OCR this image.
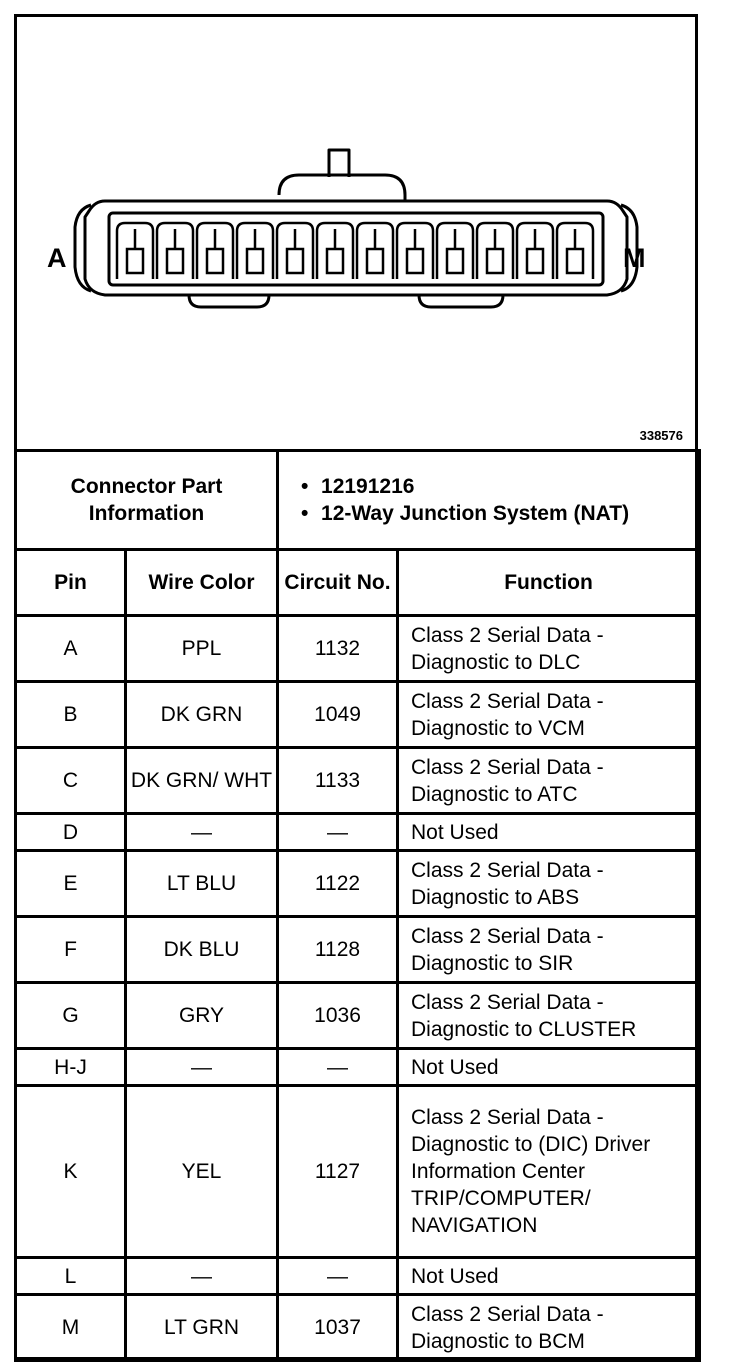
A	M
338576
Connector Part Information		• 12191216
• 12-Way Junction System (NAT)	

Pin	Wire Color	Circuit No.	Function
A	PPL	1132	Class 2 Serial Data - Diagnostic to DLC
B	DK GRN	1049	Class 2 Serial Data - Diagnostic to VCM
C	DK GRN/ WHT	1133	Class 2 Serial Data - Diagnostic to ATC
D	—	—	Not Used
E	LT BLU	1122	Class 2 Serial Data - Diagnostic to ABS
F	DK BLU	1128	Class 2 Serial Data - Diagnostic to SIR
G	GRY	1036	Class 2 Serial Data - Diagnostic to CLUSTER
H-J	—	—	Not Used
K	YEL	1127	Class 2 Serial Data - Diagnostic to (DIC) Driver Information Center TRIP/COMPUTER/ NAVIGATION
L	—	—	Not Used
M	LT GRN	1037	Class 2 Serial Data - Diagnostic to BCM
